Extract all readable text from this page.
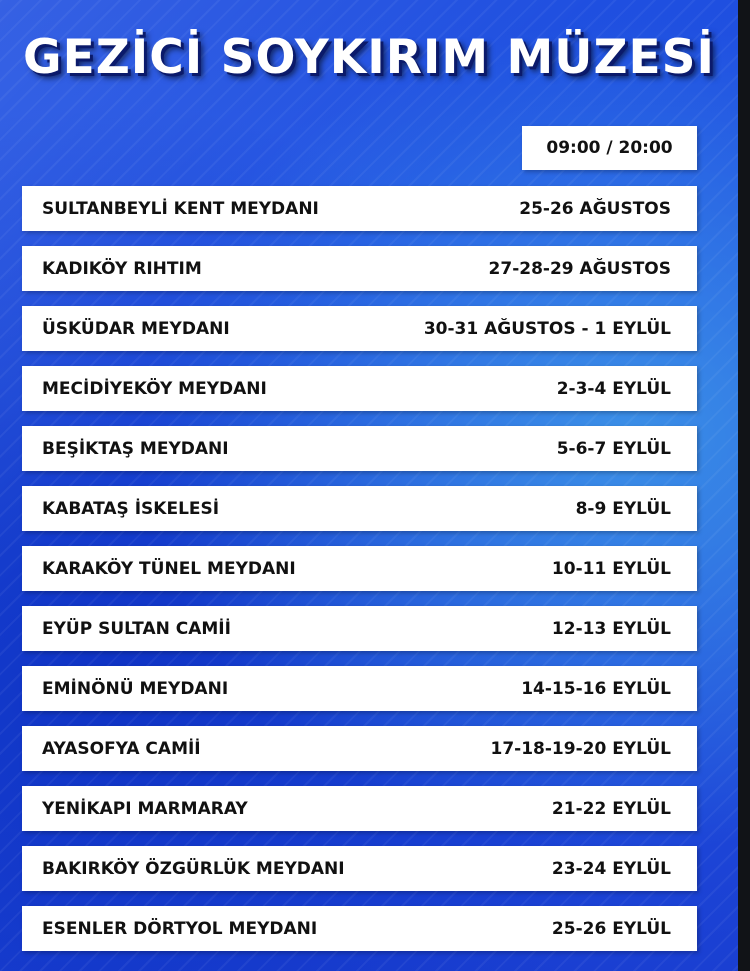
GEZİCİ SOYKIRIM MÜZESİ
09:00 / 20:00
SULTANBEYLİ KENT MEYDANI	25-26 AĞUSTOS
KADIKÖY RIHTIM	27-28-29 AĞUSTOS
ÜSKÜDAR MEYDANI	30-31 AĞUSTOS - 1 EYLÜL
MECİDİYEKÖY MEYDANI	2-3-4 EYLÜL
BEŞİKTAŞ MEYDANI	5-6-7 EYLÜL
KABATAŞ İSKELESİ	8-9 EYLÜL
KARAKÖY TÜNEL MEYDANI	10-11 EYLÜL
EYÜP SULTAN CAMİİ	12-13 EYLÜL
EMİNÖNÜ MEYDANI	14-15-16 EYLÜL
AYASOFYA CAMİİ	17-18-19-20 EYLÜL
YENİKAPI MARMARAY	21-22 EYLÜL
BAKIRKÖY ÖZGÜRLÜK MEYDANI	23-24 EYLÜL
ESENLER DÖRTYOL MEYDANI	25-26 EYLÜL
